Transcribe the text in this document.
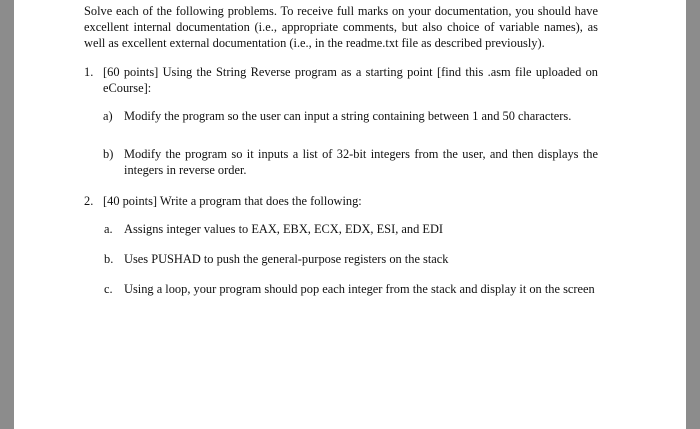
Solve each of the following problems. To receive full marks on your documentation, you should have excellent internal documentation (i.e., appropriate comments, but also choice of variable names), as well as excellent external documentation (i.e., in the readme.txt file as described previously).

1. [60 points] Using the String Reverse program as a starting point [find this .asm file uploaded on eCourse]:

a) Modify the program so the user can input a string containing between 1 and 50 characters.

b) Modify the program so it inputs a list of 32-bit integers from the user, and then displays the integers in reverse order.

2. [40 points] Write a program that does the following:

a. Assigns integer values to EAX, EBX, ECX, EDX, ESI, and EDI

b. Uses PUSHAD to push the general-purpose registers on the stack

c. Using a loop, your program should pop each integer from the stack and display it on the screen
